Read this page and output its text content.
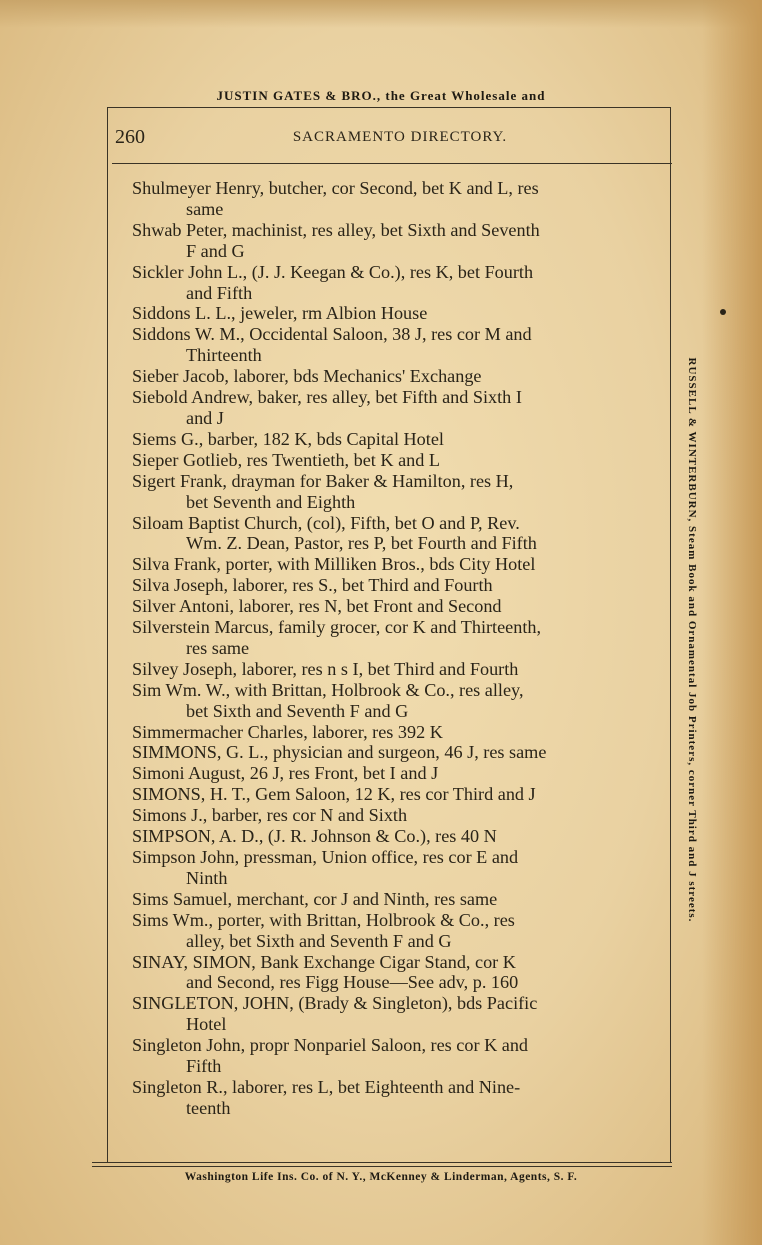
JUSTIN GATES & BRO., the Great Wholesale and
260	SACRAMENTO DIRECTORY.
Shulmeyer Henry, butcher, cor Second, bet K and L, res
same
Shwab Peter, machinist, res alley, bet Sixth and Seventh
F and G
Sickler John L., (J. J. Keegan & Co.), res K, bet Fourth
and Fifth
Siddons L. L., jeweler, rm Albion House
Siddons W. M., Occidental Saloon, 38 J, res cor M and
Thirteenth
Sieber Jacob, laborer, bds Mechanics' Exchange
Siebold Andrew, baker, res alley, bet Fifth and Sixth I
and J
Siems G., barber, 182 K, bds Capital Hotel
Sieper Gotlieb, res Twentieth, bet K and L
Sigert Frank, drayman for Baker & Hamilton, res H,
bet Seventh and Eighth
Siloam Baptist Church, (col), Fifth, bet O and P, Rev.
Wm. Z. Dean, Pastor, res P, bet Fourth and Fifth
Silva Frank, porter, with Milliken Bros., bds City Hotel
Silva Joseph, laborer, res S., bet Third and Fourth
Silver Antoni, laborer, res N, bet Front and Second
Silverstein Marcus, family grocer, cor K and Thirteenth,
res same
Silvey Joseph, laborer, res n s I, bet Third and Fourth
Sim Wm. W., with Brittan, Holbrook & Co., res alley,
bet Sixth and Seventh F and G
Simmermacher Charles, laborer, res 392 K
SIMMONS, G. L., physician and surgeon, 46 J, res same
Simoni August, 26 J, res Front, bet I and J
SIMONS, H. T., Gem Saloon, 12 K, res cor Third and J
Simons J., barber, res cor N and Sixth
SIMPSON, A. D., (J. R. Johnson & Co.), res 40 N
Simpson John, pressman, Union office, res cor E and
Ninth
Sims Samuel, merchant, cor J and Ninth, res same
Sims Wm., porter, with Brittan, Holbrook & Co., res
alley, bet Sixth and Seventh F and G
SINAY, SIMON, Bank Exchange Cigar Stand, cor K
and Second, res Figg House—See adv, p. 160
SINGLETON, JOHN, (Brady & Singleton), bds Pacific
Hotel
Singleton John, propr Nonpariel Saloon, res cor K and
Fifth
Singleton R., laborer, res L, bet Eighteenth and Nine-
teenth
Washington Life Ins. Co. of N. Y., McKenney & Linderman, Agents, S. F.
RUSSELL & WINTERBURN, Steam Book and Ornamental Job Printers, corner Third and J streets.
